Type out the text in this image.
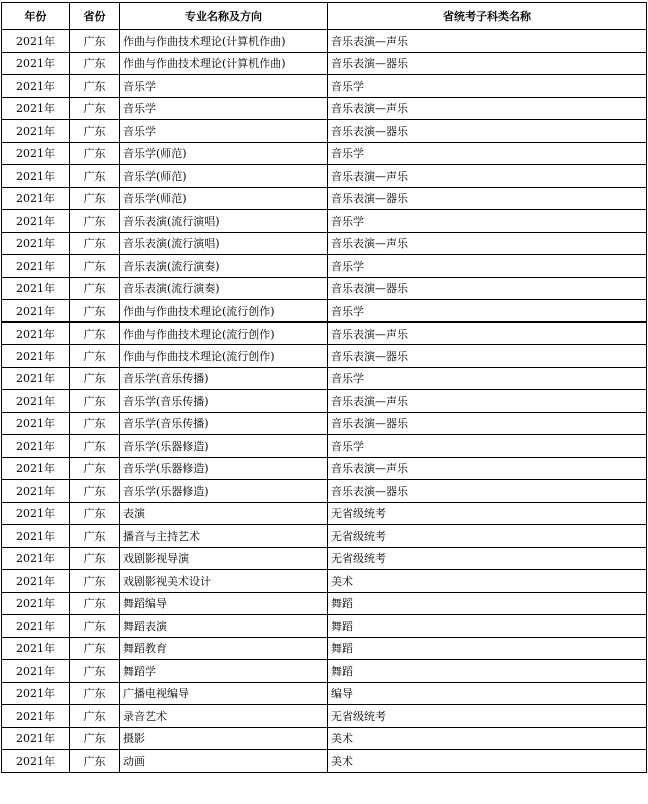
年份	省份	专业名称及方向	省统考子科类名称
2021年	广东	作曲与作曲技术理论(计算机作曲)	音乐表演—声乐
2021年	广东	作曲与作曲技术理论(计算机作曲)	音乐表演—器乐
2021年	广东	音乐学	音乐学
2021年	广东	音乐学	音乐表演—声乐
2021年	广东	音乐学	音乐表演—器乐
2021年	广东	音乐学(师范)	音乐学
2021年	广东	音乐学(师范)	音乐表演—声乐
2021年	广东	音乐学(师范)	音乐表演—器乐
2021年	广东	音乐表演(流行演唱)	音乐学
2021年	广东	音乐表演(流行演唱)	音乐表演—声乐
2021年	广东	音乐表演(流行演奏)	音乐学
2021年	广东	音乐表演(流行演奏)	音乐表演—器乐
2021年	广东	作曲与作曲技术理论(流行创作)	音乐学
2021年	广东	作曲与作曲技术理论(流行创作)	音乐表演—声乐
2021年	广东	作曲与作曲技术理论(流行创作)	音乐表演—器乐
2021年	广东	音乐学(音乐传播)	音乐学
2021年	广东	音乐学(音乐传播)	音乐表演—声乐
2021年	广东	音乐学(音乐传播)	音乐表演—器乐
2021年	广东	音乐学(乐器修造)	音乐学
2021年	广东	音乐学(乐器修造)	音乐表演—声乐
2021年	广东	音乐学(乐器修造)	音乐表演—器乐
2021年	广东	表演	无省级统考
2021年	广东	播音与主持艺术	无省级统考
2021年	广东	戏剧影视导演	无省级统考
2021年	广东	戏剧影视美术设计	美术
2021年	广东	舞蹈编导	舞蹈
2021年	广东	舞蹈表演	舞蹈
2021年	广东	舞蹈教育	舞蹈
2021年	广东	舞蹈学	舞蹈
2021年	广东	广播电视编导	编导
2021年	广东	录音艺术	无省级统考
2021年	广东	摄影	美术
2021年	广东	动画	美术
